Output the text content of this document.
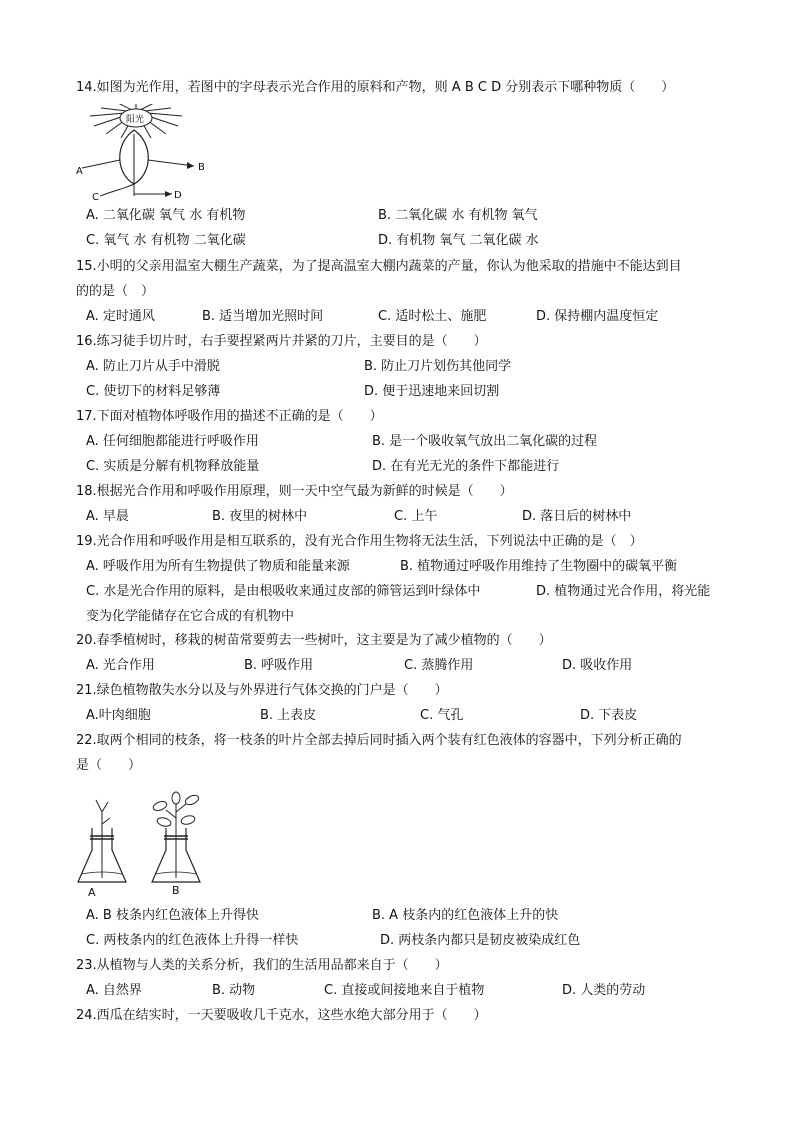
14.如图为光作用，若图中的字母表示光合作用的原料和产物，则 A B C D 分别表示下哪种物质（　　）
阳光
A	B
C	D
A. 二氧化碳 氧气 水 有机物	B. 二氧化碳 水 有机物 氧气
C. 氧气 水 有机物 二氧化碳	D. 有机物 氧气 二氧化碳 水
15.小明的父亲用温室大棚生产蔬菜，为了提高温室大棚内蔬菜的产量，你认为他采取的措施中不能达到目
的的是（　）
A. 定时通风	B. 适当增加光照时间	C. 适时松土、施肥	D. 保持棚内温度恒定
16.练习徒手切片时，右手要捏紧两片并紧的刀片，主要目的是（　　）
A. 防止刀片从手中滑脱	B. 防止刀片划伤其他同学
C. 使切下的材料足够薄	D. 便于迅速地来回切割
17.下面对植物体呼吸作用的描述不正确的是（　　）
A. 任何细胞都能进行呼吸作用	B. 是一个吸收氧气放出二氧化碳的过程
C. 实质是分解有机物释放能量	D. 在有光无光的条件下都能进行
18.根据光合作用和呼吸作用原理，则一天中空气最为新鲜的时候是（　　）
A. 早晨	B. 夜里的树林中	C. 上午	D. 落日后的树林中
19.光合作用和呼吸作用是相互联系的，没有光合作用生物将无法生活，下列说法中正确的是（　）
A. 呼吸作用为所有生物提供了物质和能量来源	B. 植物通过呼吸作用维持了生物圈中的碳氧平衡
C. 水是光合作用的原料，是由根吸收来通过皮部的筛管运到叶绿体中	D. 植物通过光合作用，将光能
变为化学能储存在它合成的有机物中
20.春季植树时，移栽的树苗常要剪去一些树叶，这主要是为了减少植物的（　　）
A. 光合作用	B. 呼吸作用	C. 蒸腾作用	D. 吸收作用
21.绿色植物散失水分以及与外界进行气体交换的门户是（　　）
A.叶肉细胞	B. 上表皮	C. 气孔	D. 下表皮
22.取两个相同的枝条，将一枝条的叶片全部去掉后同时插入两个装有红色液体的容器中，下列分析正确的
是（　　）
A	B
A. B 枝条内红色液体上升得快	B. A 枝条内的红色液体上升的快
C. 两枝条内的红色液体上升得一样快	D. 两枝条内都只是韧皮被染成红色
23.从植物与人类的关系分析，我们的生活用品都来自于（　　）
A. 自然界	B. 动物	C. 直接或间接地来自于植物	D. 人类的劳动
24.西瓜在结实时，一天要吸收几千克水，这些水绝大部分用于（　　）
